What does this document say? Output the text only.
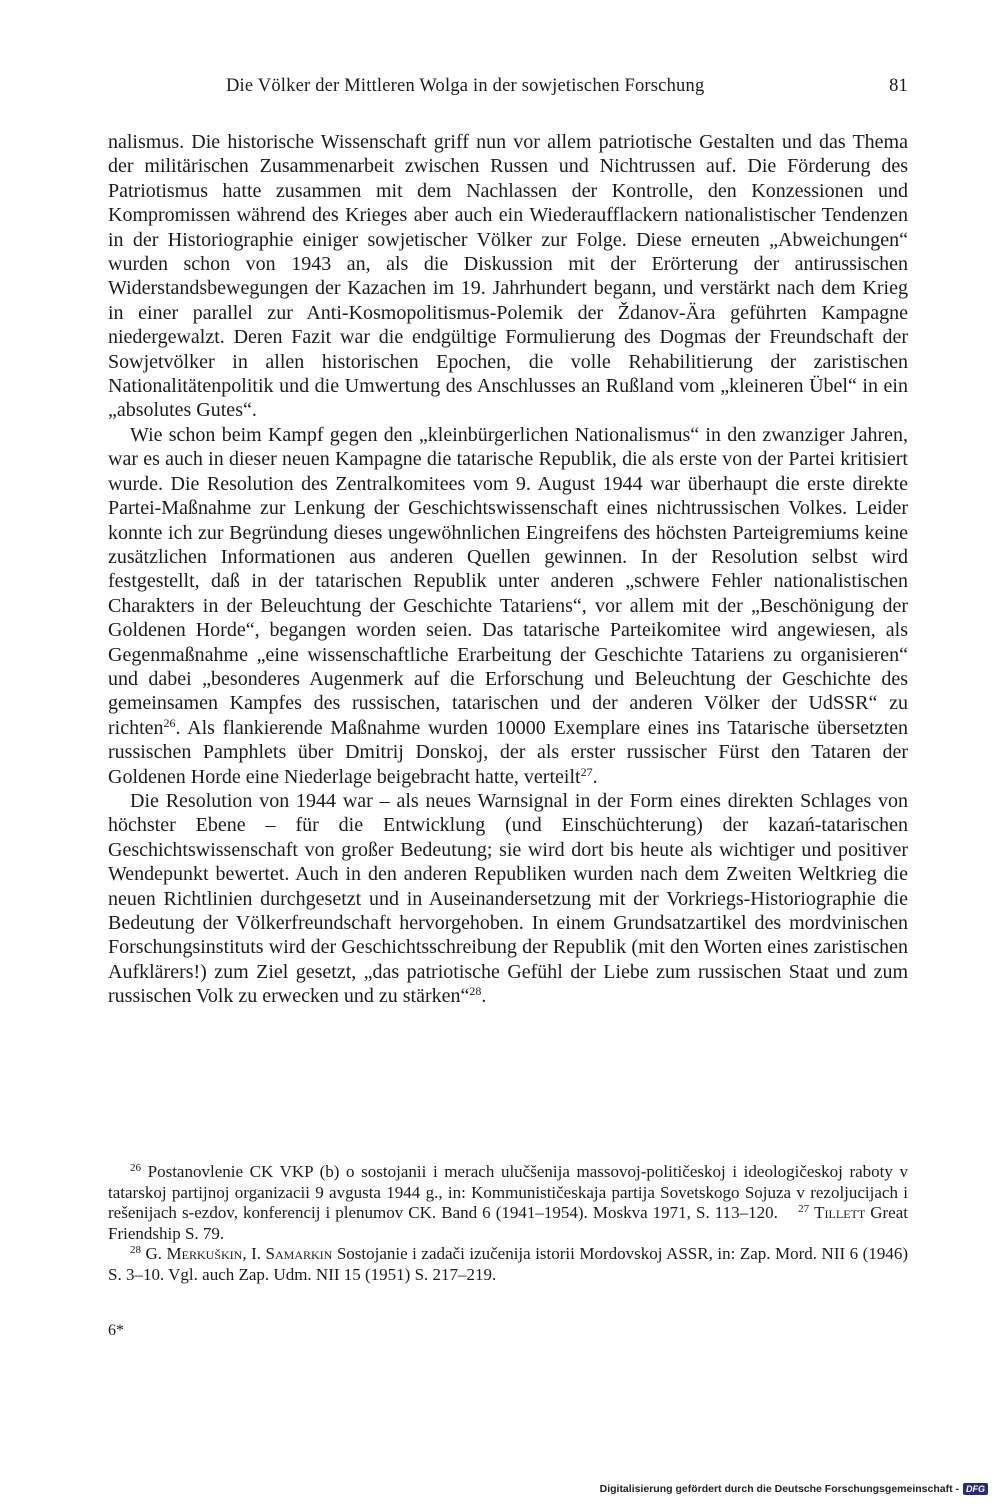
Die Völker der Mittleren Wolga in der sowjetischen Forschung	81

nalismus. Die historische Wissenschaft griff nun vor allem patriotische Gestalten und das Thema der militärischen Zusammenarbeit zwischen Russen und Nichtrussen auf. Die Förderung des Patriotismus hatte zusammen mit dem Nachlassen der Kontrolle, den Konzessionen und Kompromissen während des Krieges aber auch ein Wiederaufflackern nationalistischer Tendenzen in der Historiographie einiger sowjetischer Völker zur Folge. Diese erneuten „Abweichungen“ wurden schon von 1943 an, als die Diskussion mit der Erörterung der antirussischen Widerstandsbewegungen der Kazachen im 19. Jahrhundert begann, und verstärkt nach dem Krieg in einer parallel zur Anti-Kosmopolitismus-Polemik der Ždanov-Ära geführten Kampagne niedergewalzt. Deren Fazit war die endgültige Formulierung des Dogmas der Freundschaft der Sowjetvölker in allen historischen Epochen, die volle Rehabilitierung der zaristischen Nationalitätenpolitik und die Umwertung des Anschlusses an Rußland vom „kleineren Übel“ in ein „absolutes Gutes“.

Wie schon beim Kampf gegen den „kleinbürgerlichen Nationalismus“ in den zwanziger Jahren, war es auch in dieser neuen Kampagne die tatarische Republik, die als erste von der Partei kritisiert wurde. Die Resolution des Zentralkomitees vom 9. August 1944 war überhaupt die erste direkte Partei-Maßnahme zur Lenkung der Geschichtswissenschaft eines nichtrussischen Volkes. Leider konnte ich zur Begründung dieses ungewöhnlichen Eingreifens des höchsten Parteigremiums keine zusätzlichen Informationen aus anderen Quellen gewinnen. In der Resolution selbst wird festgestellt, daß in der tatarischen Republik unter anderen „schwere Fehler nationalistischen Charakters in der Beleuchtung der Geschichte Tatariens“, vor allem mit der „Beschönigung der Goldenen Horde“, begangen worden seien. Das tatarische Parteikomitee wird angewiesen, als Gegenmaßnahme „eine wissenschaftliche Erarbeitung der Geschichte Tatariens zu organisieren“ und dabei „besonderes Augenmerk auf die Erforschung und Beleuchtung der Geschichte des gemeinsamen Kampfes des russischen, tatarischen und der anderen Völker der UdSSR“ zu richten$^{26}$. Als flankierende Maßnahme wurden 10000 Exemplare eines ins Tatarische übersetzten russischen Pamphlets über Dmitrij Donskoj, der als erster russischer Fürst den Tataren der Goldenen Horde eine Niederlage beigebracht hatte, verteilt$^{27}$.

Die Resolution von 1944 war – als neues Warnsignal in der Form eines direkten Schlages von höchster Ebene – für die Entwicklung (und Einschüchterung) der kazań-tatarischen Geschichtswissenschaft von großer Bedeutung; sie wird dort bis heute als wichtiger und positiver Wendepunkt bewertet. Auch in den anderen Republiken wurden nach dem Zweiten Weltkrieg die neuen Richtlinien durchgesetzt und in Auseinandersetzung mit der Vorkriegs-Historiographie die Bedeutung der Völkerfreundschaft hervorgehoben. In einem Grundsatzartikel des mordvinischen Forschungsinstituts wird der Geschichtsschreibung der Republik (mit den Worten eines zaristischen Aufklärers!) zum Ziel gesetzt, „das patriotische Gefühl der Liebe zum russischen Staat und zum russischen Volk zu erwecken und zu stärken“$^{28}$.

$^{26}$ Postanovlenie CK VKP (b) o sostojanii i merach ulučšenija massovoj-političeskoj i ideologičeskoj raboty v tatarskoj partijnoj organizacii 9 avgusta 1944 g., in: Kommunističeskaja partija Sovetskogo Sojuza v rezoljucijach i rešenijach s-ezdov, konferencij i plenumov CK. Band 6 (1941–1954). Moskva 1971, S. 113–120. $^{27}$ Tillett Great Friendship S. 79.

$^{28}$ G. Merkuškin, I. Samarkin Sostojanie i zadači izučenija istorii Mordovskoj ASSR, in: Zap. Mord. NII 6 (1946) S. 3–10. Vgl. auch Zap. Udm. NII 15 (1951) S. 217–219.

6*
Digitalisierung gefördert durch die Deutsche Forschungsgemeinschaft - DFG
